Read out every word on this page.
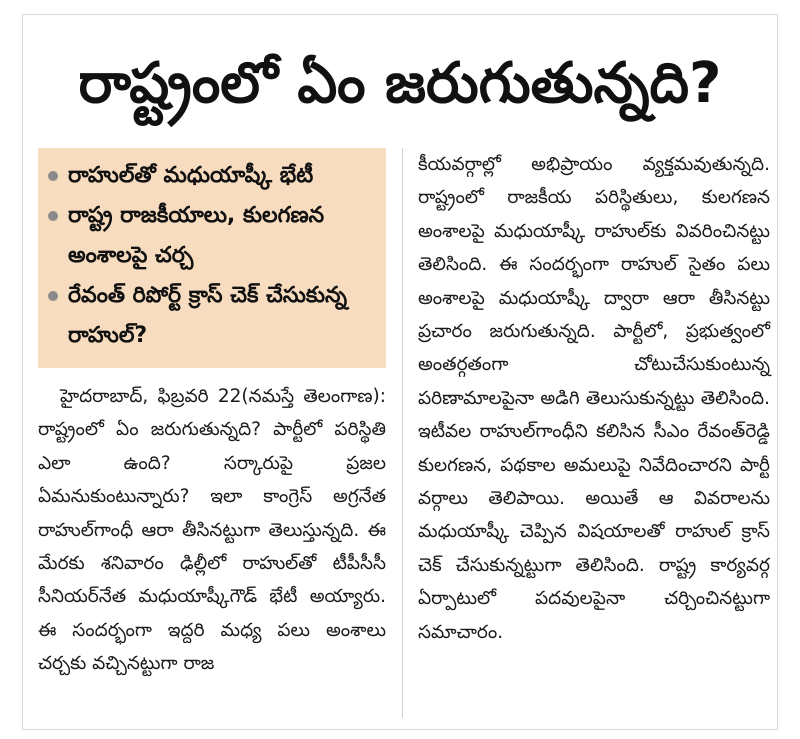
రాష్ట్రంలో ఏం జరుగుతున్నది?
రాహుల్‌తో మధుయాష్కీ భేటీ
రాష్ట్ర రాజకీయాలు, కులగణన అంశాలపై చర్చ
రేవంత్‌ రిపోర్ట్‌ క్రాస్‌ చెక్‌ చేసుకున్న రాహుల్‌?
హైదరాబాద్‌, ఫిబ్రవరి 22(నమస్తే తెలంగాణ): రాష్ట్రంలో ఏం జరుగుతున్నది? పార్టీలో పరిస్థితి ఎలా ఉంది? సర్కారుపై ప్రజల ఏమనుకుంటున్నారు? ఇలా కాంగ్రెస్‌ అగ్రనేత రాహుల్‌గాంధీ ఆరా తీసినట్టుగా తెలుస్తున్నది. ఈ మేరకు శనివారం ఢిల్లీలో రాహుల్‌తో టీపీసీసీ సీనియర్‌నేత మధుయాష్కీగౌడ్‌ భేటీ అయ్యారు. ఈ సందర్భంగా ఇద్దరి మధ్య పలు అంశాలు చర్చకు వచ్చినట్టుగా రాజ
కీయవర్గాల్లో అభిప్రాయం వ్యక్తమవుతున్నది. రాష్ట్రంలో రాజకీయ పరిస్థితులు, కులగణన అంశాలపై మధుయాష్కీ రాహుల్‌కు వివరించినట్టు తెలిసింది. ఈ సందర్భంగా రాహుల్‌ సైతం పలు అంశాలపై మధుయాష్కీ ద్వారా ఆరా తీసినట్టు ప్రచారం జరుగుతున్నది. పార్టీలో, ప్రభుత్వంలో అంతర్గతంగా చోటుచేసుకుంటున్న పరిణామాలపైనా అడిగి తెలుసుకున్నట్టు తెలిసింది. ఇటీవల రాహుల్‌గాంధీని కలిసిన సీఎం రేవంత్‌రెడ్డి కులగణన, పథకాల అమలుపై నివేదించారని పార్టీ వర్గాలు తెలిపాయి. అయితే ఆ వివరాలను మధుయాష్కీ చెప్పిన విషయాలతో రాహుల్‌ క్రాస్‌ చెక్‌ చేసుకున్నట్టుగా తెలిసింది. రాష్ట్ర కార్యవర్గ ఏర్పాటులో పదవులపైనా చర్చించినట్టుగా సమాచారం.
